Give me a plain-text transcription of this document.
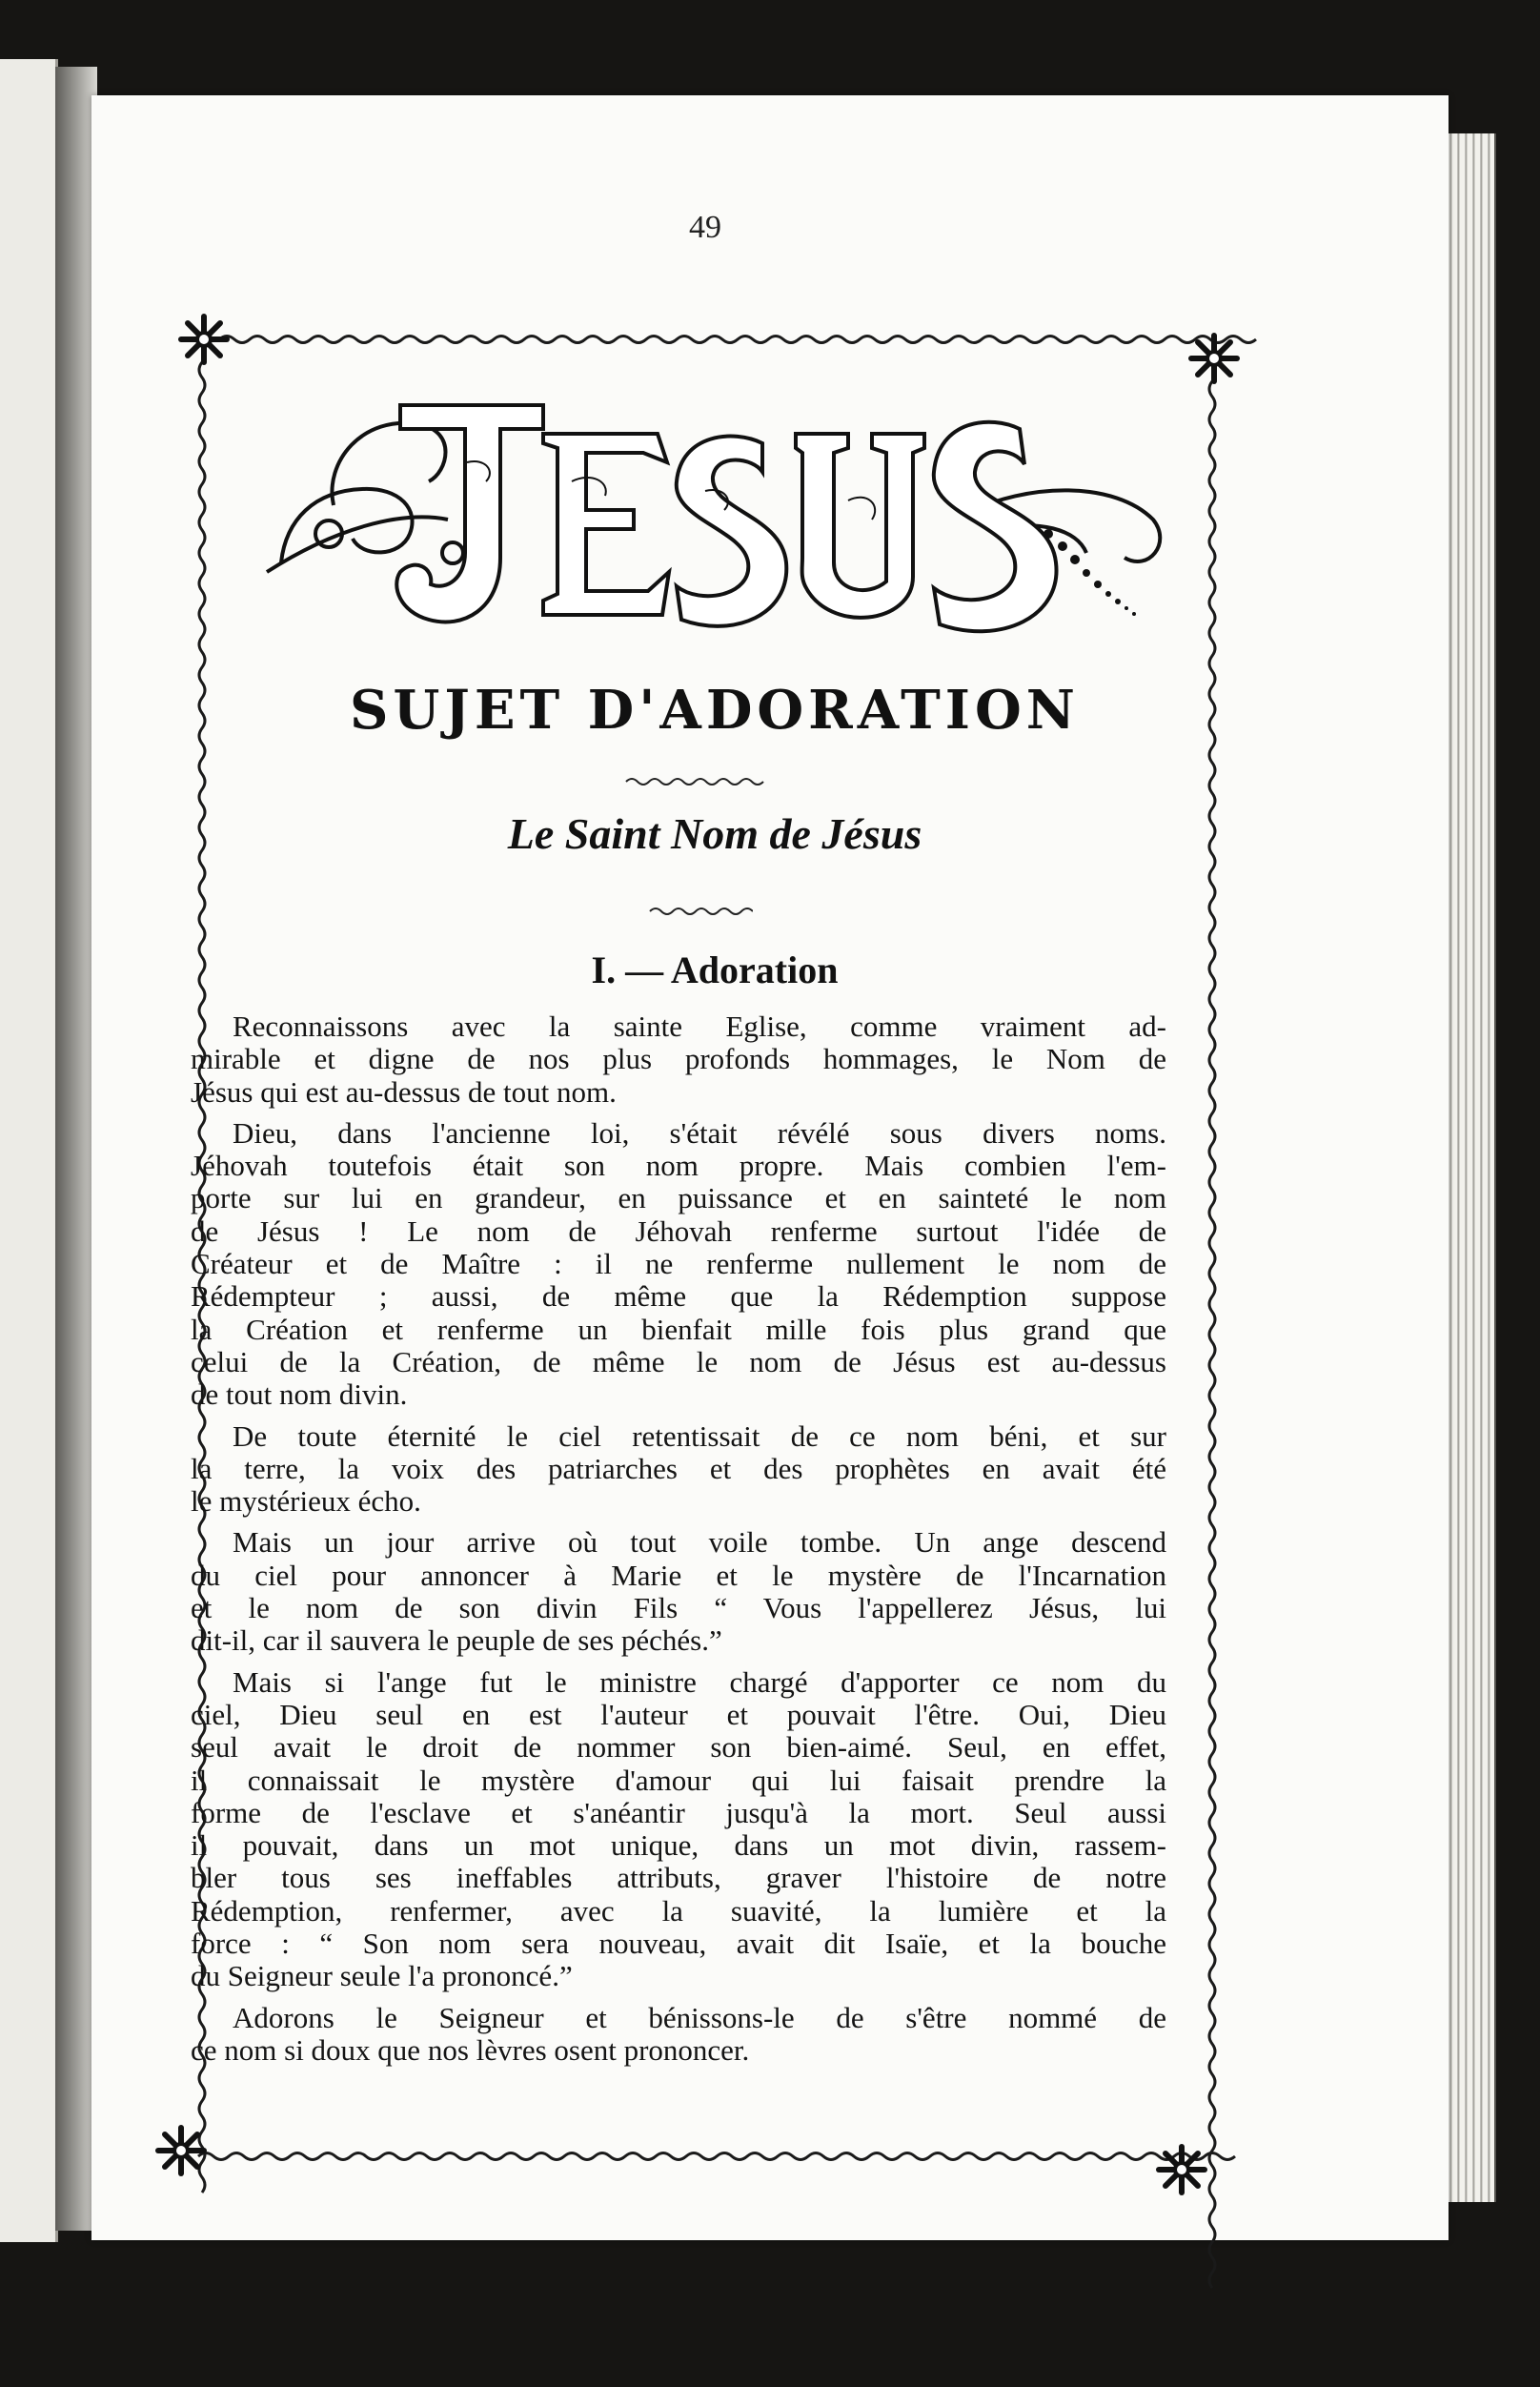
49
SUJET D'ADORATION
Le Saint Nom de Jésus
I. — Adoration
Reconnaissons avec la sainte Eglise, comme vraiment ad-
mirable et digne de nos plus profonds hommages, le Nom de
Jésus qui est au-dessus de tout nom.
Dieu, dans l'ancienne loi, s'était révélé sous divers noms.
Jéhovah toutefois était son nom propre. Mais combien l'em-
porte sur lui en grandeur, en puissance et en sainteté le nom
de Jésus ! Le nom de Jéhovah renferme surtout l'idée de
Créateur et de Maître : il ne renferme nullement le nom de
Rédempteur ; aussi, de même que la Rédemption suppose
la Création et renferme un bienfait mille fois plus grand que
celui de la Création, de même le nom de Jésus est au-dessus
de tout nom divin.
De toute éternité le ciel retentissait de ce nom béni, et sur
la terre, la voix des patriarches et des prophètes en avait été
le mystérieux écho.
Mais un jour arrive où tout voile tombe. Un ange descend
du ciel pour annoncer à Marie et le mystère de l'Incarnation
et le nom de son divin Fils “ Vous l'appellerez Jésus, lui
dit-il, car il sauvera le peuple de ses péchés.”
Mais si l'ange fut le ministre chargé d'apporter ce nom du
ciel, Dieu seul en est l'auteur et pouvait l'être. Oui, Dieu
seul avait le droit de nommer son bien-aimé. Seul, en effet,
il connaissait le mystère d'amour qui lui faisait prendre la
forme de l'esclave et s'anéantir jusqu'à la mort. Seul aussi
il pouvait, dans un mot unique, dans un mot divin, rassem-
bler tous ses ineffables attributs, graver l'histoire de notre
Rédemption, renfermer, avec la suavité, la lumière et la
force : “ Son nom sera nouveau, avait dit Isaïe, et la bouche
du Seigneur seule l'a prononcé.”
Adorons le Seigneur et bénissons-le de s'être nommé de
ce nom si doux que nos lèvres osent prononcer.
